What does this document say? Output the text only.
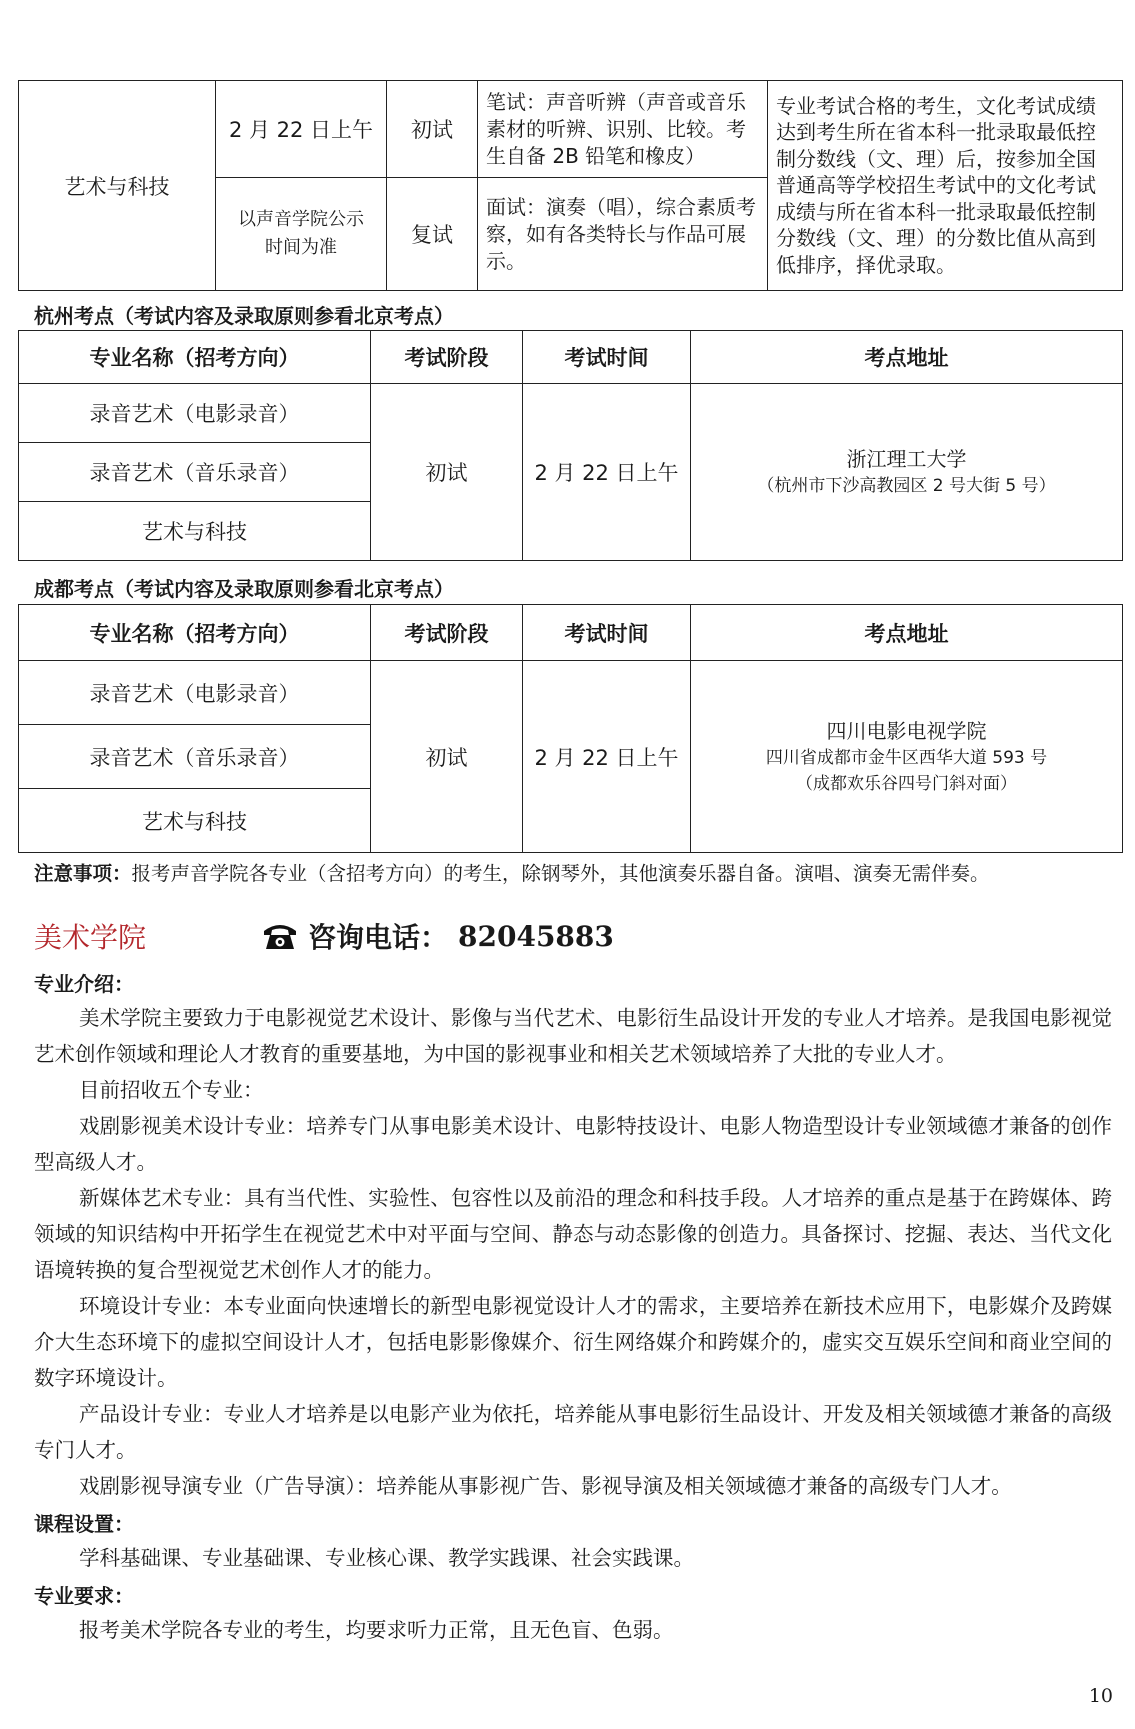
艺术与科技	2 月 22 日上午	初试	笔试：声音听辨（声音或音乐素材的听辨、识别、比较。考生自备 2B 铅笔和橡皮）	专业考试合格的考生，文化考试成绩达到考生所在省本科一批录取最低控制分数线（文、理）后，按参加全国普通高等学校招生考试中的文化考试成绩与所在省本科一批录取最低控制分数线（文、理）的分数比值从高到低排序，择优录取。
	以声音学院公示时间为准	复试	面试：演奏（唱），综合素质考察，如有各类特长与作品可展示。	
杭州考点（考试内容及录取原则参看北京考点）
专业名称（招考方向）	考试阶段	考试时间	考点地址
录音艺术（电影录音）	初试	2 月 22 日上午	浙江理工大学
（杭州市下沙高教园区 2 号大街 5 号）

录音艺术（音乐录音）			
艺术与科技			
成都考点（考试内容及录取原则参看北京考点）
专业名称（招考方向）	考试阶段	考试时间	考点地址
录音艺术（电影录音）	初试	2 月 22 日上午	四川电影电视学院
四川省成都市金牛区西华大道 593 号
（成都欢乐谷四号门斜对面）

录音艺术（音乐录音）			
艺术与科技			
注意事项：报考声音学院各专业（含招考方向）的考生，除钢琴外，其他演奏乐器自备。演唱、演奏无需伴奏。
美术学院	咨询电话： 82045883
专业介绍：
美术学院主要致力于电影视觉艺术设计、影像与当代艺术、电影衍生品设计开发的专业人才培养。是我国电影视觉艺术创作领域和理论人才教育的重要基地，为中国的影视事业和相关艺术领域培养了大批的专业人才。
目前招收五个专业：
戏剧影视美术设计专业：培养专门从事电影美术设计、电影特技设计、电影人物造型设计专业领域德才兼备的创作型高级人才。
新媒体艺术专业：具有当代性、实验性、包容性以及前沿的理念和科技手段。人才培养的重点是基于在跨媒体、跨领域的知识结构中开拓学生在视觉艺术中对平面与空间、静态与动态影像的创造力。具备探讨、挖掘、表达、当代文化语境转换的复合型视觉艺术创作人才的能力。
环境设计专业：本专业面向快速增长的新型电影视觉设计人才的需求，主要培养在新技术应用下，电影媒介及跨媒介大生态环境下的虚拟空间设计人才，包括电影影像媒介、衍生网络媒介和跨媒介的，虚实交互娱乐空间和商业空间的数字环境设计。
产品设计专业：专业人才培养是以电影产业为依托，培养能从事电影衍生品设计、开发及相关领域德才兼备的高级专门人才。
戏剧影视导演专业（广告导演）：培养能从事影视广告、影视导演及相关领域德才兼备的高级专门人才。
课程设置：
学科基础课、专业基础课、专业核心课、教学实践课、社会实践课。
专业要求：
报考美术学院各专业的考生，均要求听力正常，且无色盲、色弱。
10
